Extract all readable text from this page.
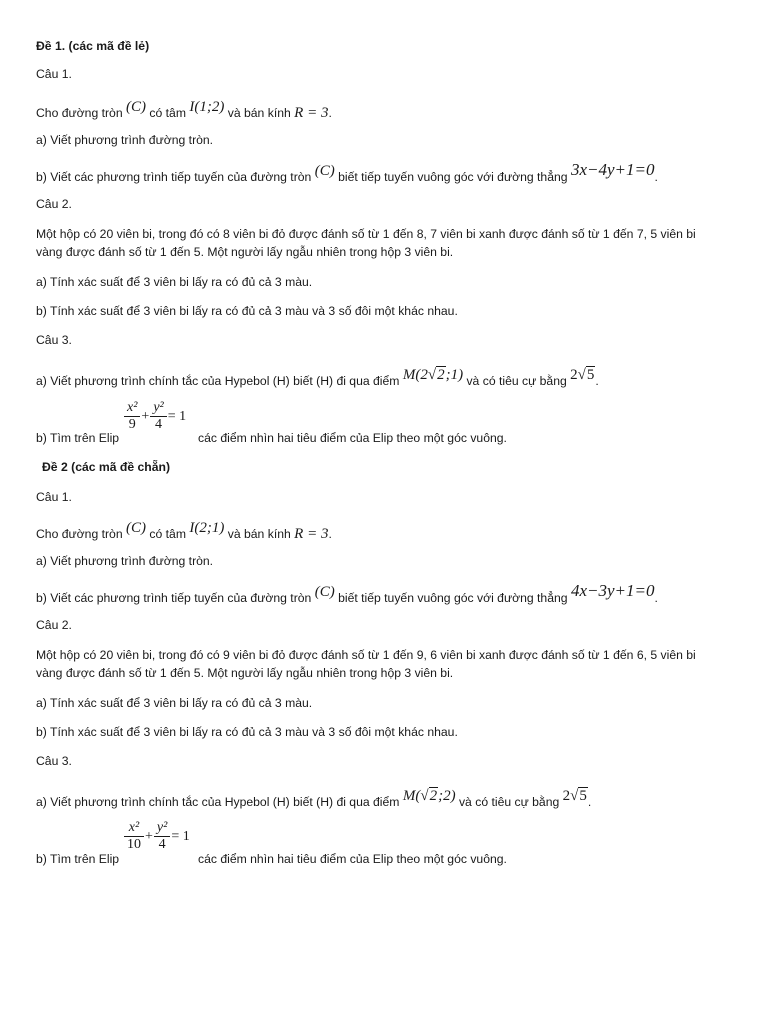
Đề 1. (các mã đề lẻ)
Câu 1.
Cho đường tròn (C) có tâm I(1;2) và bán kính R = 3.
a) Viết phương trình đường tròn.
b) Viết các phương trình tiếp tuyến của đường tròn (C) biết tiếp tuyến vuông góc với đường thẳng 3x−4y+1=0.
Câu 2.
Một hộp có 20 viên bi, trong đó có 8 viên bi đỏ được đánh số từ 1 đến 8, 7 viên bi xanh được đánh số từ 1 đến 7, 5 viên bi
vàng được đánh số từ 1 đến 5. Một người lấy ngẫu nhiên trong hộp 3 viên bi.
a) Tính xác suất để 3 viên bi lấy ra có đủ cả 3 màu.
b) Tính xác suất để 3 viên bi lấy ra có đủ cả 3 màu và 3 số đôi một khác nhau.
Câu 3.
a) Viết phương trình chính tắc của Hypebol (H) biết (H) đi qua điểm M(2√2;1) và có tiêu cự bằng 2√5.
$\frac{\text{x²}}{9} + \frac{\text{y²}}{4} = 1$
b) Tìm trên Elip	các điểm nhìn hai tiêu điểm của Elip theo một góc vuông.
Đề 2 (các mã đề chẵn)
Câu 1.
Cho đường tròn (C) có tâm I(2;1) và bán kính R = 3.
a) Viết phương trình đường tròn.
b) Viết các phương trình tiếp tuyến của đường tròn (C) biết tiếp tuyến vuông góc với đường thẳng 4x−3y+1=0.
Câu 2.
Một hộp có 20 viên bi, trong đó có 9 viên bi đỏ được đánh số từ 1 đến 9, 6 viên bi xanh được đánh số từ 1 đến 6, 5 viên bi
vàng được đánh số từ 1 đến 5. Một người lấy ngẫu nhiên trong hộp 3 viên bi.
a) Tính xác suất để 3 viên bi lấy ra có đủ cả 3 màu.
b) Tính xác suất để 3 viên bi lấy ra có đủ cả 3 màu và 3 số đôi một khác nhau.
Câu 3.
a) Viết phương trình chính tắc của Hypebol (H) biết (H) đi qua điểm M(√2;2) và có tiêu cự bằng 2√5.
$\frac{\text{x²}}{10} + \frac{\text{y²}}{4} = 1$
b) Tìm trên Elip	các điểm nhìn hai tiêu điểm của Elip theo một góc vuông.
